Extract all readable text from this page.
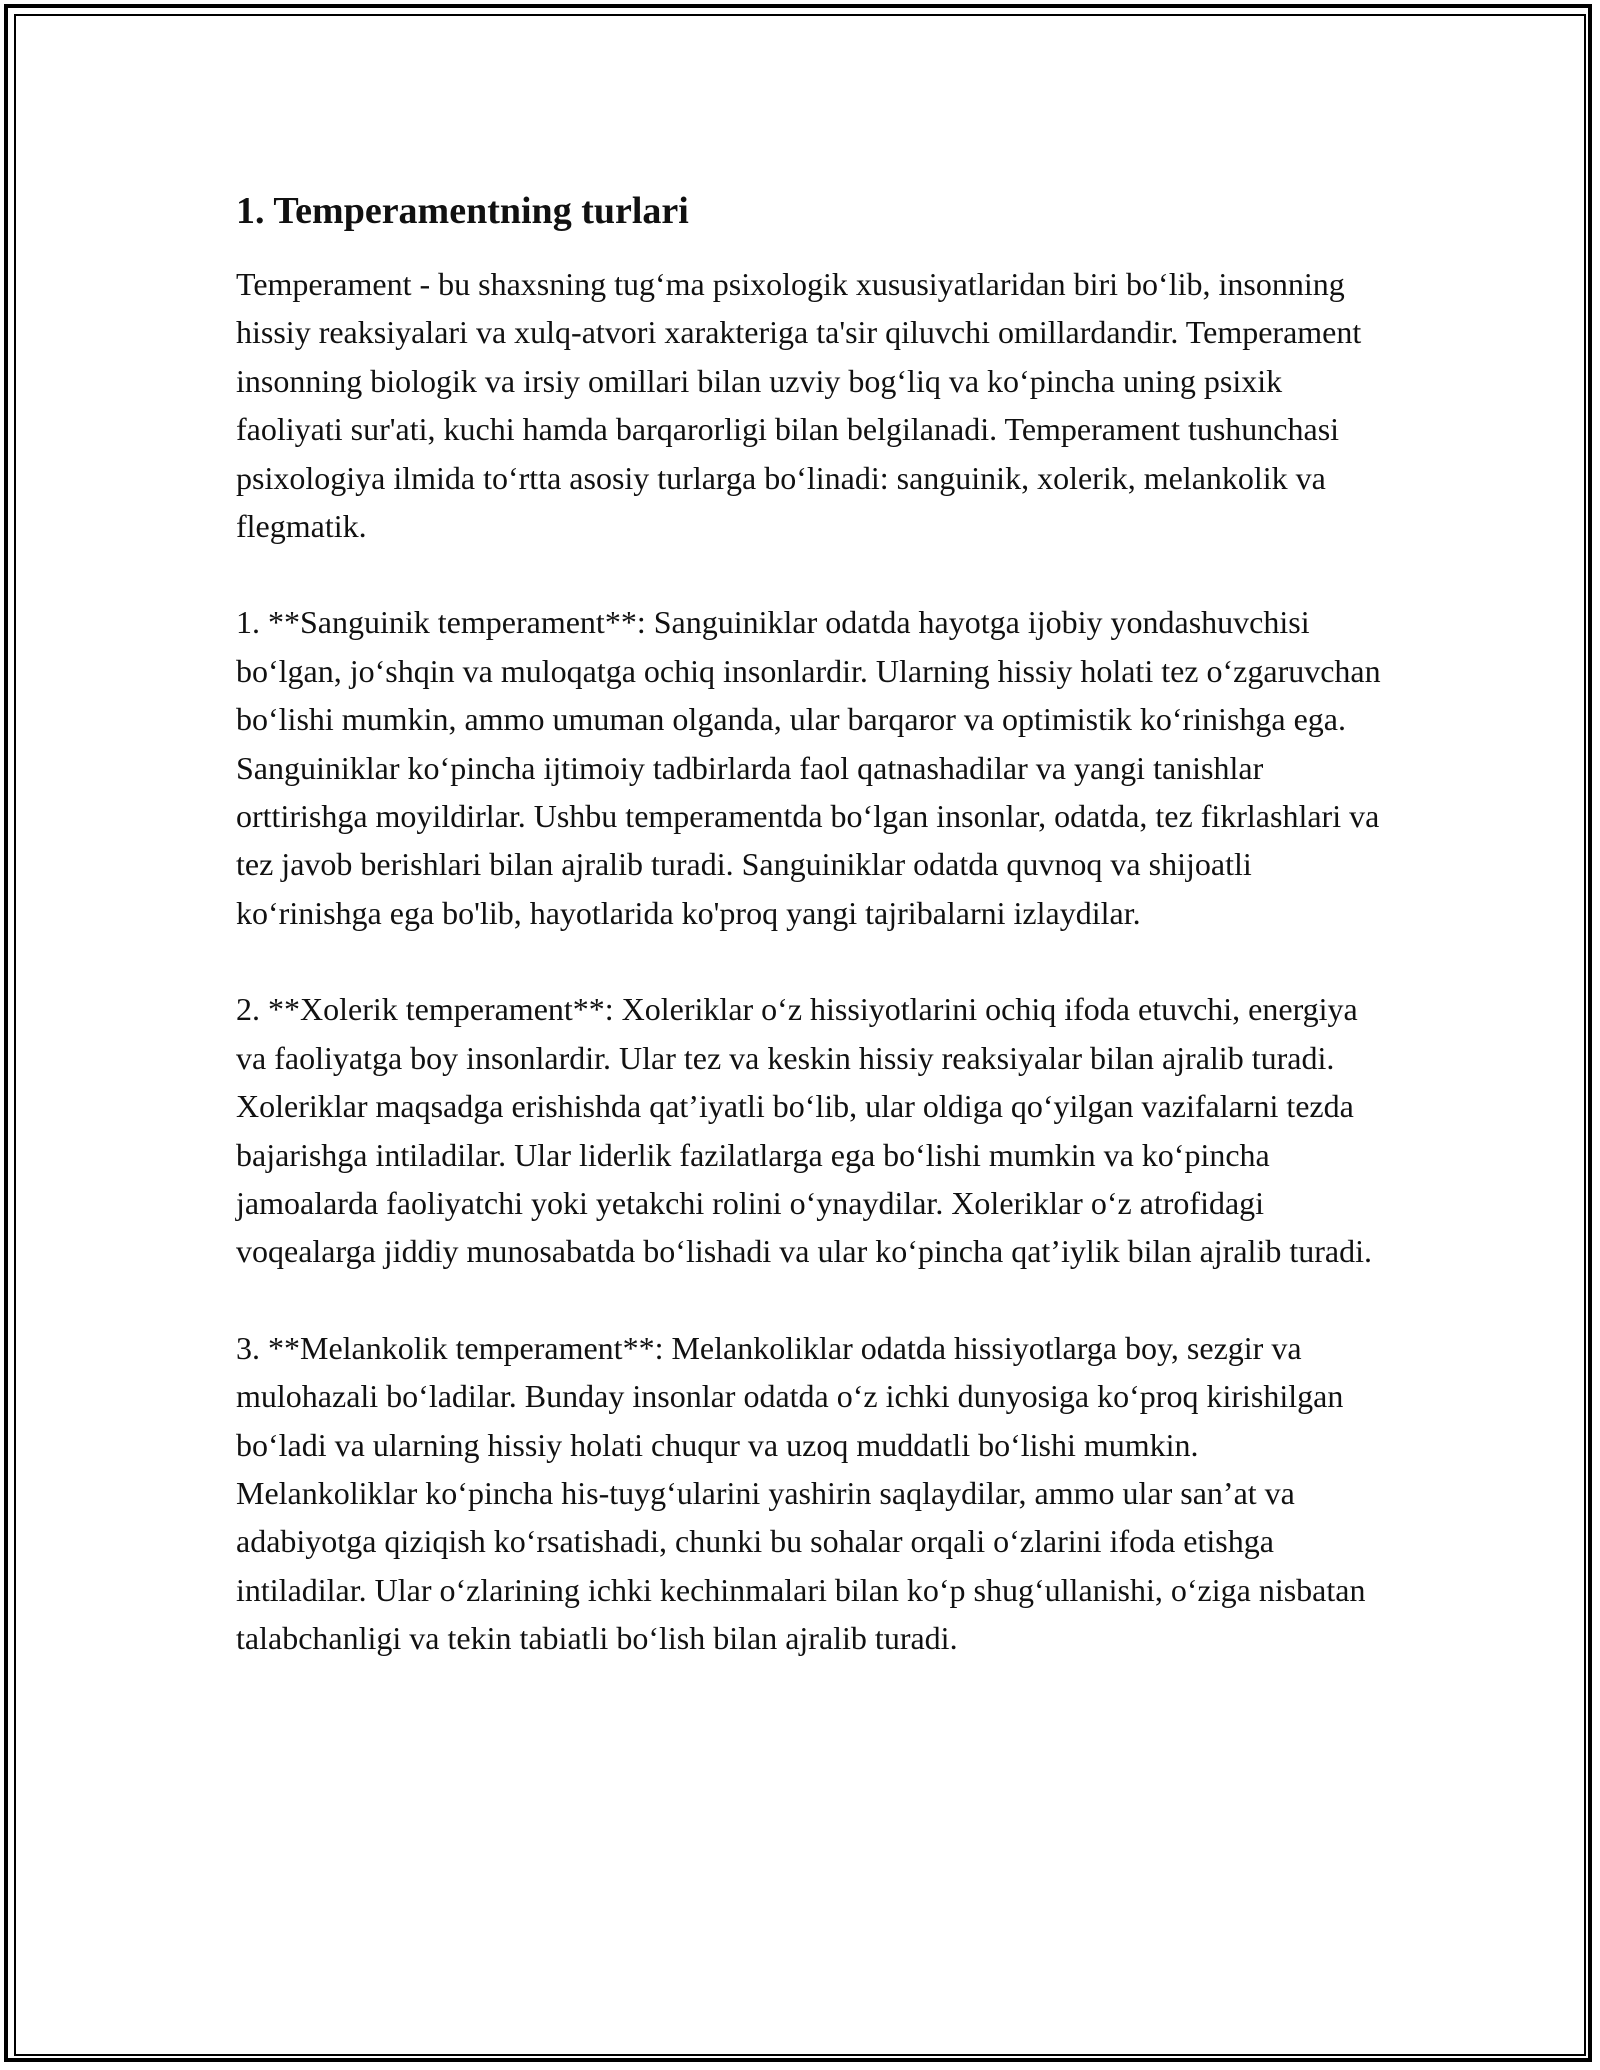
1. Temperamentning turlari

Temperament - bu shaxsning tug‘ma psixologik xususiyatlaridan biri bo‘lib, insonning hissiy reaksiyalari va xulq-atvori xarakteriga ta'sir qiluvchi omillardandir. Temperament insonning biologik va irsiy omillari bilan uzviy bog‘liq va ko‘pincha uning psixik faoliyati sur'ati, kuchi hamda barqarorligi bilan belgilanadi. Temperament tushunchasi psixologiya ilmida to‘rtta asosiy turlarga bo‘linadi: sanguinik, xolerik, melankolik va flegmatik.

1. **Sanguinik temperament**: Sanguiniklar odatda hayotga ijobiy yondashuvchisi bo‘lgan, jo‘shqin va muloqatga ochiq insonlardir. Ularning hissiy holati tez o‘zgaruvchan bo‘lishi mumkin, ammo umuman olganda, ular barqaror va optimistik ko‘rinishga ega. Sanguiniklar ko‘pincha ijtimoiy tadbirlarda faol qatnashadilar va yangi tanishlar orttirishga moyildirlar. Ushbu temperamentda bo‘lgan insonlar, odatda, tez fikrlashlari va tez javob berishlari bilan ajralib turadi. Sanguiniklar odatda quvnoq va shijoatli ko‘rinishga ega bo'lib, hayotlarida ko'proq yangi tajribalarni izlaydilar.

2. **Xolerik temperament**: Xoleriklar o‘z hissiyotlarini ochiq ifoda etuvchi, energiya va faoliyatga boy insonlardir. Ular tez va keskin hissiy reaksiyalar bilan ajralib turadi. Xoleriklar maqsadga erishishda qat’iyatli bo‘lib, ular oldiga qo‘yilgan vazifalarni tezda bajarishga intiladilar. Ular liderlik fazilatlarga ega bo‘lishi mumkin va ko‘pincha jamoalarda faoliyatchi yoki yetakchi rolini o‘ynaydilar. Xoleriklar o‘z atrofidagi voqealarga jiddiy munosabatda bo‘lishadi va ular ko‘pincha qat’iylik bilan ajralib turadi.

3. **Melankolik temperament**: Melankoliklar odatda hissiyotlarga boy, sezgir va mulohazali bo‘ladilar. Bunday insonlar odatda o‘z ichki dunyosiga ko‘proq kirishilgan bo‘ladi va ularning hissiy holati chuqur va uzoq muddatli bo‘lishi mumkin. Melankoliklar ko‘pincha his-tuyg‘ularini yashirin saqlaydilar, ammo ular san’at va adabiyotga qiziqish ko‘rsatishadi, chunki bu sohalar orqali o‘zlarini ifoda etishga intiladilar. Ular o‘zlarining ichki kechinmalari bilan ko‘p shug‘ullanishi, o‘ziga nisbatan talabchanligi va tekin tabiatli bo‘lish bilan ajralib turadi.
